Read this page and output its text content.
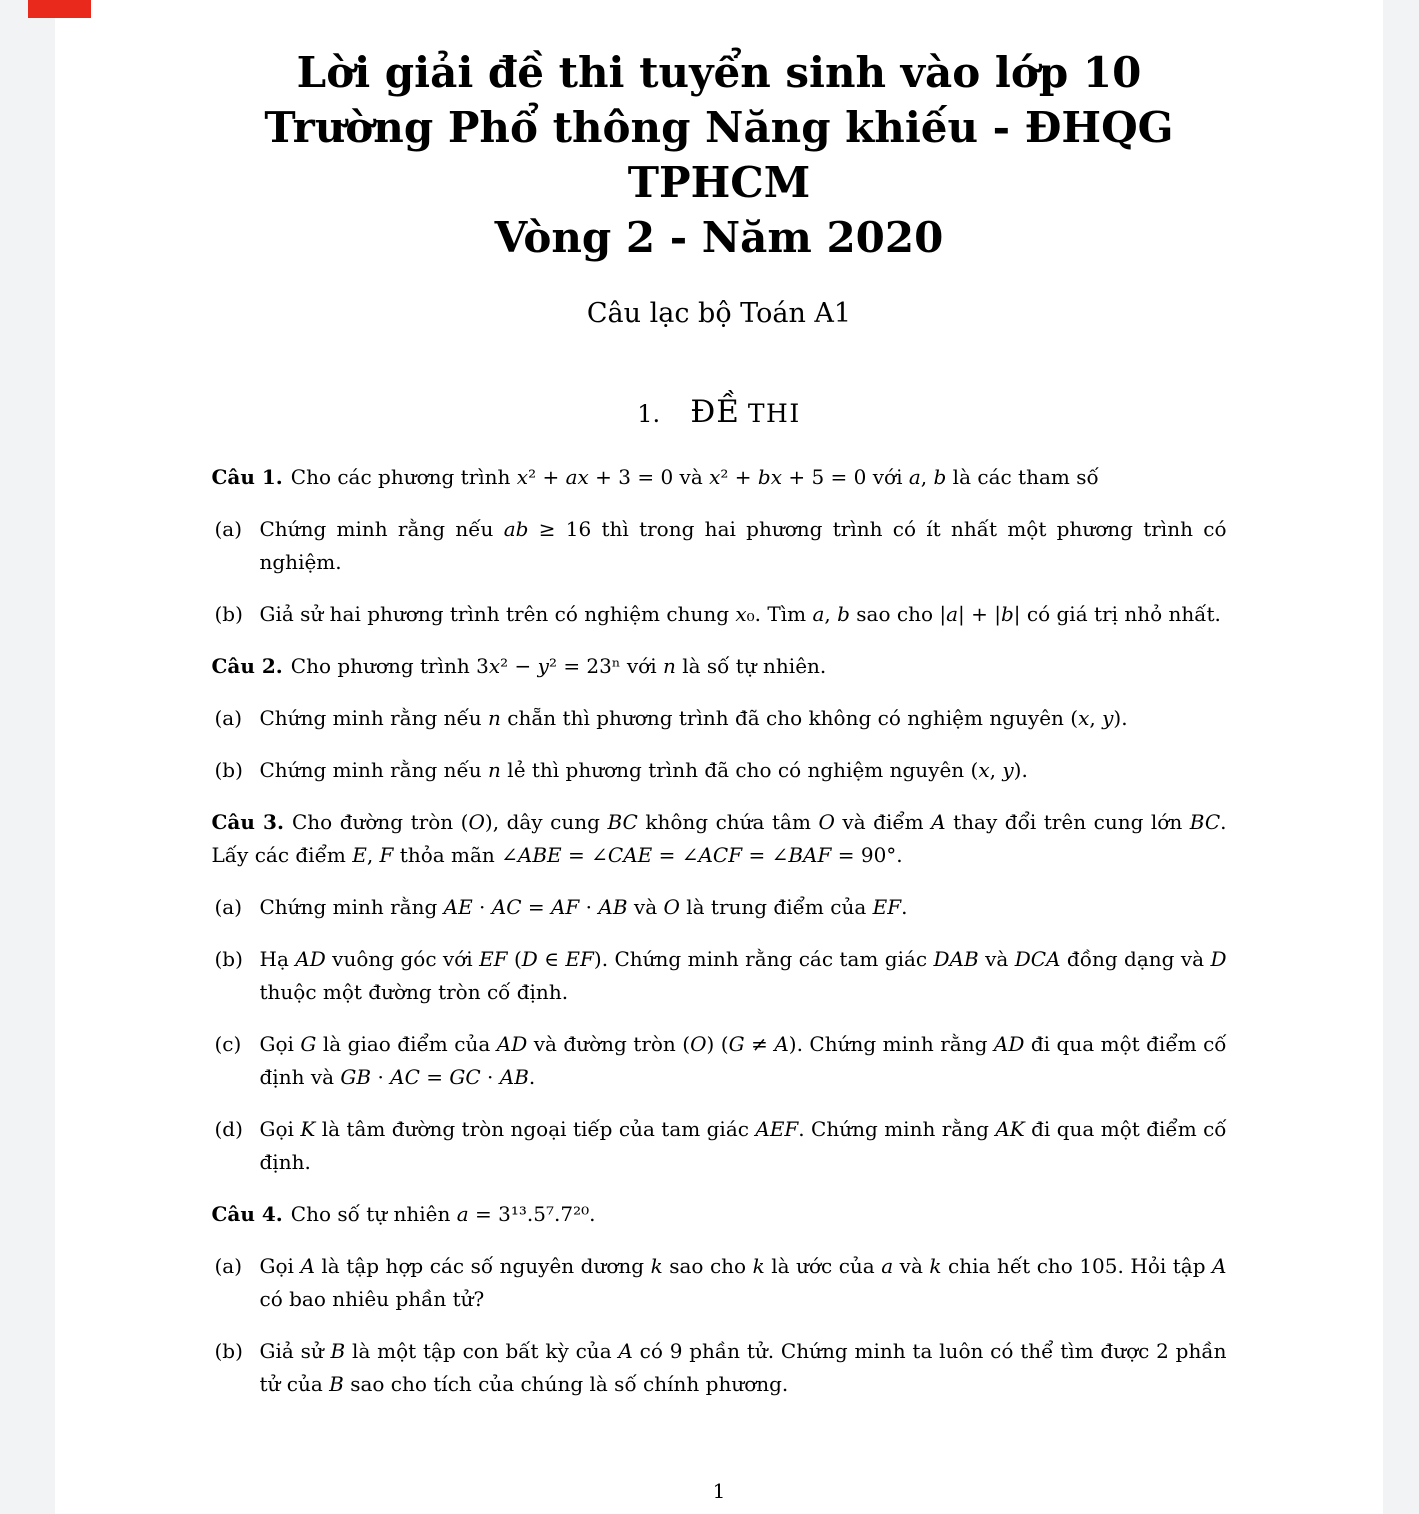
Lời giải đề thi tuyển sinh vào lớp 10
Trường Phổ thông Năng khiếu - ĐHQG
TPHCM
Vòng 2 - Năm 2020
Câu lạc bộ Toán A1
1. ĐỀ THI
Câu 1. Cho các phương trình x² + ax + 3 = 0 và x² + bx + 5 = 0 với a, b là các tham số
(a) Chứng minh rằng nếu ab ≥ 16 thì trong hai phương trình có ít nhất một phương trình có nghiệm.
(b) Giả sử hai phương trình trên có nghiệm chung x₀. Tìm a, b sao cho |a| + |b| có giá trị nhỏ nhất.
Câu 2. Cho phương trình 3x² − y² = 23ⁿ với n là số tự nhiên.
(a) Chứng minh rằng nếu n chẵn thì phương trình đã cho không có nghiệm nguyên (x, y).
(b) Chứng minh rằng nếu n lẻ thì phương trình đã cho có nghiệm nguyên (x, y).
Câu 3. Cho đường tròn (O), dây cung BC không chứa tâm O và điểm A thay đổi trên cung lớn BC. Lấy các điểm E, F thỏa mãn ∠ABE = ∠CAE = ∠ACF = ∠BAF = 90°.
(a) Chứng minh rằng AE · AC = AF · AB và O là trung điểm của EF.
(b) Hạ AD vuông góc với EF (D ∈ EF). Chứng minh rằng các tam giác DAB và DCA đồng dạng và D thuộc một đường tròn cố định.
(c) Gọi G là giao điểm của AD và đường tròn (O) (G ≠ A). Chứng minh rằng AD đi qua một điểm cố định và GB · AC = GC · AB.
(d) Gọi K là tâm đường tròn ngoại tiếp của tam giác AEF. Chứng minh rằng AK đi qua một điểm cố định.
Câu 4. Cho số tự nhiên a = 3¹³.5⁷.7²⁰.
(a) Gọi A là tập hợp các số nguyên dương k sao cho k là ước của a và k chia hết cho 105. Hỏi tập A có bao nhiêu phần tử?
(b) Giả sử B là một tập con bất kỳ của A có 9 phần tử. Chứng minh ta luôn có thể tìm được 2 phần tử của B sao cho tích của chúng là số chính phương.
1
